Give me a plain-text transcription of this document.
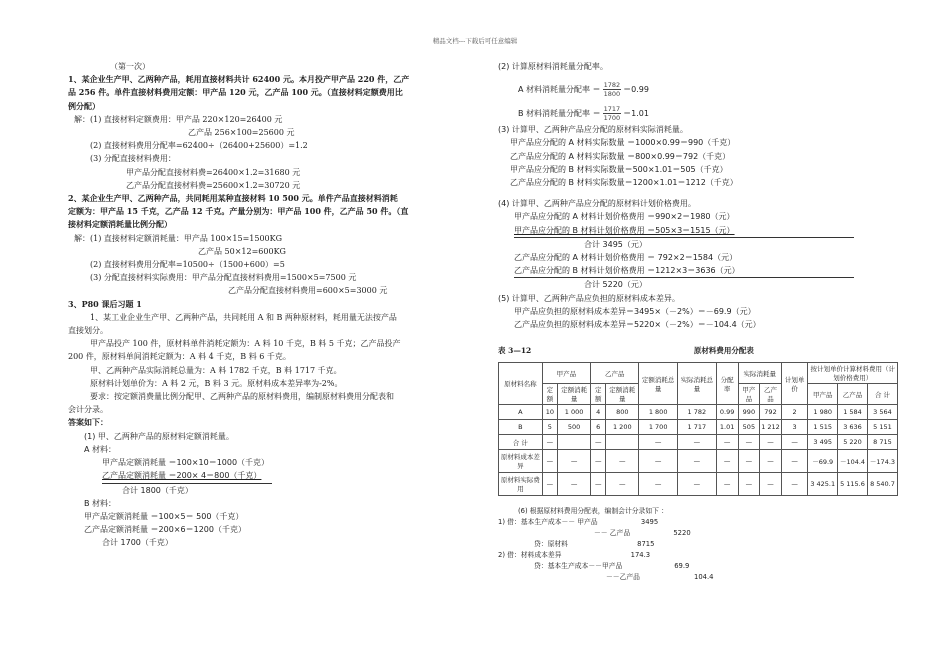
精品文档---下载后可任意编辑
（第一次）
1、某企业生产甲、乙两种产品，耗用直接材料共计 62400 元。本月投产甲产品 220 件，乙产
品 256 件。单件直接材料费用定额：甲产品 120 元，乙产品 100 元。（直接材料定额费用比
例分配）
解：(1) 直接材料定额费用：甲产品 220×120=26400 元
乙产品 256×100=25600 元
(2) 直接材料费用分配率=62400÷（26400+25600）=1.2
(3) 分配直接材料费用：
甲产品分配直接材料费=26400×1.2=31680 元
乙产品分配直接材料费=25600×1.2=30720 元
2、某企业生产甲、乙两种产品，共同耗用某种直接材料 10 500 元。单件产品直接材料消耗
定额为：甲产品 15 千克，乙产品 12 千克。产量分别为：甲产品 100 件，乙产品 50 件。（直
接材料定额消耗量比例分配）
解：(1) 直接材料定额消耗量：甲产品 100×15=1500KG
乙产品 50×12=600KG
(2) 直接材料费用分配率=10500÷（1500+600）=5
(3) 分配直接材料实际费用：甲产品分配直接材料费用=1500×5=7500 元
乙产品分配直接材料费用=600×5=3000 元
3、P80 课后习题 1
1、某工业企业生产甲、乙两种产品，共同耗用 A 和 B 两种原材料，耗用量无法按产品
直接划分。
甲产品投产 100 件，原材料单件消耗定额为：A 料 10 千克，B 料 5 千克；乙产品投产
200 件，原材料单间消耗定额为：A 料 4 千克，B 料 6 千克。
甲、乙两种产品实际消耗总量为：A 料 1782 千克，B 料 1717 千克。
原材料计划单价为：A 料 2 元，B 料 3 元。原材料成本差异率为-2%。
要求：按定额消费量比例分配甲、乙两种产品的原材料费用，编制原材料费用分配表和
会计分录。
答案如下：
(1) 甲、乙两种产品的原材料定额消耗量。
A 材料：
甲产品定额消耗量 ＝100×10＝1000（千克）
乙产品定额消耗量 ＝200× 4＝800（千克）
合计 1800（千克）
B 材料：
甲产品定额消耗量 ＝100×5＝ 500（千克）
乙产品定额消耗量 ＝200×6＝1200（千克）
合计 1700（千克）
(2) 计算原材料消耗量分配率。
A 材料消耗量分配率 ＝ $\frac{1782}{1800} =0.99$
B 材料消耗量分配率 ＝ $\frac{1717}{1700} =1.01$
(3) 计算甲、乙两种产品应分配的原材料实际消耗量。
甲产品应分配的 A 材料实际数量 ＝1000×0.99＝990（千克）
乙产品应分配的 A 材料实际数量 ＝800×0.99＝792（千克）
甲产品应分配的 B 材料实际数量＝500×1.01＝505（千克）
乙产品应分配的 B 材料实际数量＝1200×1.01＝1212（千克）
(4) 计算甲、乙两种产品应分配的原材料计划价格费用。
甲产品应分配的 A 材料计划价格费用 ＝990×2＝1980（元）
甲产品应分配的 B 材料计划价格费用 ＝505×3＝1515（元）
合计 3495（元）
乙产品应分配的 A 材料计划价格费用 ＝ 792×2＝1584（元）
乙产品应分配的 B 材料计划价格费用 ＝1212×3＝3636（元）
合计 5220（元）
(5) 计算甲、乙两种产品应负担的原材料成本差异。
甲产品应负担的原材料成本差异＝3495×（－2%）＝－69.9（元）
乙产品应负担的原材料成本差异＝5220×（－2%）＝－104.4（元）
表 3—12	原材料费用分配表
原材料名称	甲产品		乙产品		定额消耗总量	实际消耗总量	分配率	实际消耗量		计划单价	按计划单价计算材料费用（计划价格费用）		
	定额	定额消耗量	定额	定额消耗量				甲产品	乙产品		甲产品	乙产品	合 计
A	10	1 000	4	800	1 800	1 782	0.99	990	792	2	1 980	1 584	3 564
B	5	500	6	1 200	1 700	1 717	1.01	505	1 212	3	1 515	3 636	5 151
合 计	—		—		—	—	—	—	—	—	3 495	5 220	8 715
原材料成本差异	—	—	—	—	—	—	—	—	—	—	－69.9	－104.4	－174.3
原材料实际费用	—	—	—	—	—	—	—	—	—	—	3 425.1	5 115.6	8 540.7
(6) 根据原材料费用分配表，编制会计分录如下 ：
1) 借：基本生产成本－－ 甲产品                    3495
－－ 乙产品                    5220
贷：原材料                                8715
2) 借：材料成本差异                                174.3
贷：基本生产成本－－甲产品                        69.9
－－乙产品                         104.4
